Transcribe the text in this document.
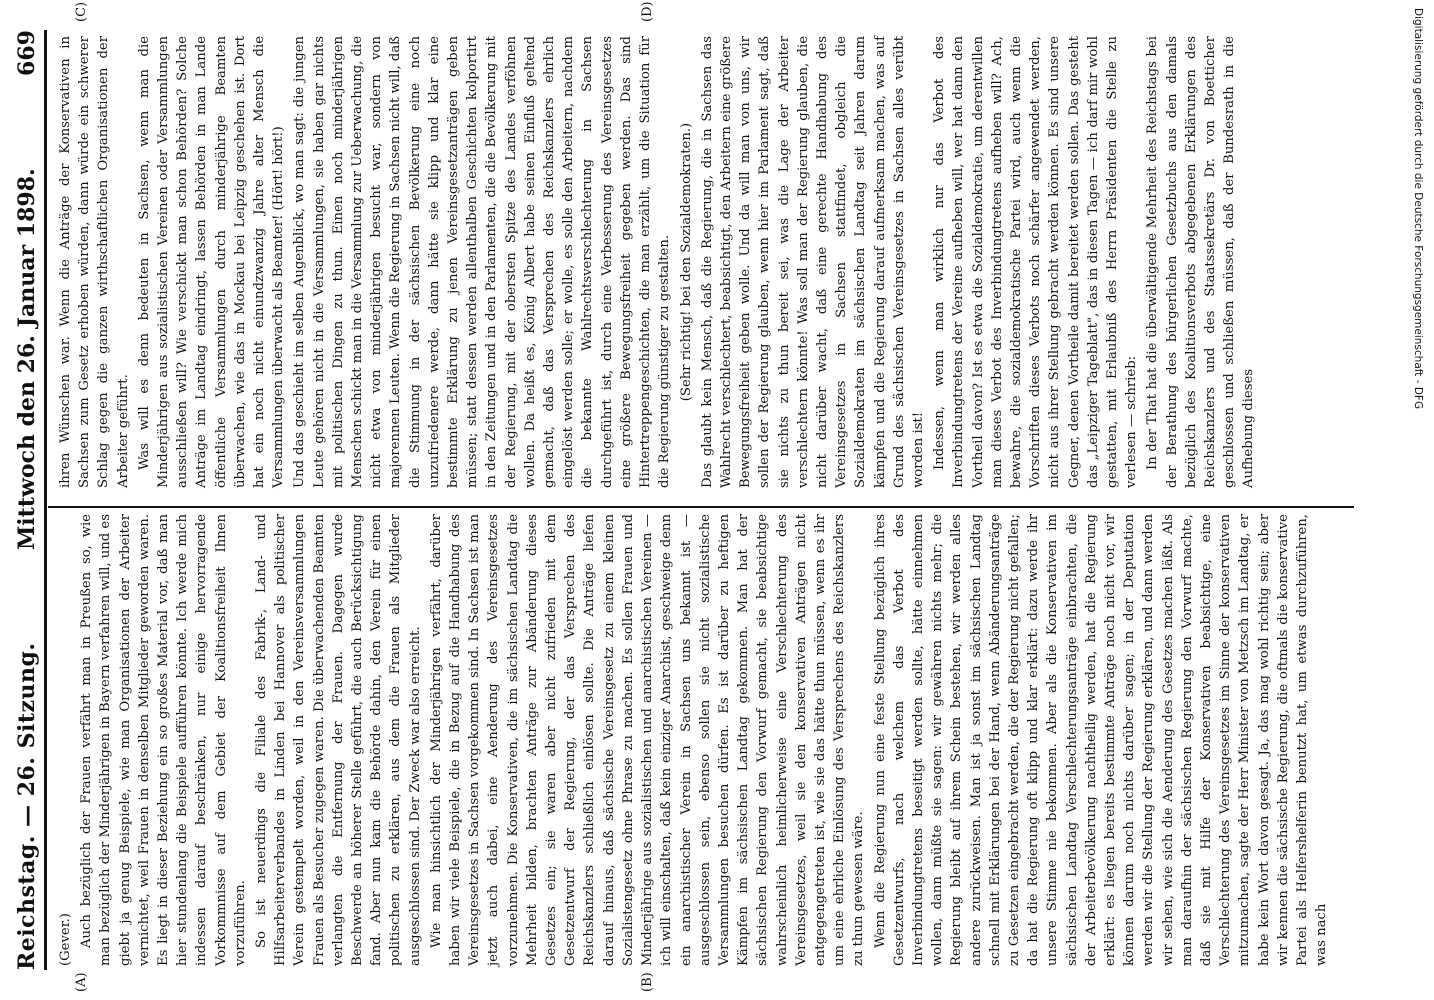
Reichstag. — 26. Sitzung.
Mittwoch den 26. Januar 1898.
669
(A)	(B)
(C)	(D)

(Gever.) Auch bezüglich der Frauen verfährt man in Preußen so, wie man bezüglich der Minderjährigen in Bayern verfahren will, und es giebt ja genug Beispiele, wie man Organisationen der Arbeiter vernichtet, weil Frauen in denselben Mitglieder geworden waren. Es liegt in dieser Beziehung ein so großes Material vor, daß man hier stundenlang die Beispiele aufführen könnte. Ich werde mich indessen darauf beschränken, nur einige hervorragende Vorkommnisse auf dem Gebiet der Koalitionsfreiheit Ihnen vorzuführen. So ist neuerdings die Filiale des Fabrik-, Land- und Hilfsarbeiterverbandes in Linden bei Hannover als politischer Verein gestempelt worden, weil in den Vereinsversammlungen Frauen als Besucher zugegen waren. Die überwachenden Beamten verlangten die Entfernung der Frauen. Dagegen wurde Beschwerde an höherer Stelle geführt, die auch Berücksichtigung fand. Aber nun kam die Behörde dahin, den Verein für einen politischen zu erklären, aus dem die Frauen als Mitglieder ausgeschlossen sind. Der Zweck war also erreicht. Wie man hinsichtlich der Minderjährigen verfährt, darüber haben wir viele Beispiele, die in Bezug auf die Handhabung des Vereinsgesetzes in Sachsen vorgekommen sind. In Sachsen ist man jetzt auch dabei, eine Aenderung des Vereinsgesetzes vorzunehmen. Die Konservativen, die im sächsischen Landtag die Mehrheit bilden, brachten Anträge zur Abänderung dieses Gesetzes ein; sie waren aber nicht zufrieden mit dem Gesetzentwurf der Regierung, der das Versprechen des Reichskanzlers schließlich einlösen sollte. Die Anträge liefen darauf hinaus, daß sächsische Vereinsgesetz zu einem kleinen Sozialistengesetz ohne Phrase zu machen. Es sollen Frauen und Minderjährige aus sozialistischen und anarchistischen Vereinen — ich will einschalten, daß kein einziger Anarchist, geschweige denn ein anarchistischer Verein in Sachsen uns bekannt ist — ausgeschlossen sein, ebenso sollen sie nicht sozialistische Versammlungen besuchen dürfen. Es ist darüber zu heftigen Kämpfen im sächsischen Landtag gekommen. Man hat der sächsischen Regierung den Vorwurf gemacht, sie beabsichtige wahrscheinlich heimlicherweise eine Verschlechterung des Vereinsgesetzes, weil sie den konservativen Anträgen nicht entgegengetreten ist, wie sie das hätte thun müssen, wenn es ihr um eine ehrliche Einlösung des Versprechens des Reichskanzlers zu thun gewesen wäre. Wenn die Regierung nun eine feste Stellung bezüglich ihres Gesetzentwurfs, nach welchem das Verbot des Inverbindungtretens beseitigt werden sollte, hätte einnehmen wollen, dann müßte sie sagen: wir gewähren nichts mehr; die Regierung bleibt auf ihrem Schein bestehen, wir werden alles andere zurückweisen. Man ist ja sonst im sächsischen Landtag schnell mit Erklärungen bei der Hand, wenn Abänderungsanträge zu Gesetzen eingebracht werden, die der Regierung nicht gefallen; da hat die Regierung oft klipp und klar erklärt: dazu werde ihr unsere Stimme nie bekommen. Aber als die Konservativen im sächsischen Landtag Verschlechterungsanträge einbrachten, die der Arbeiterbevölkerung nachtheilig werden, hat die Regierung erklärt: es liegen bereits bestimmte Anträge noch nicht vor, wir können darum noch nichts darüber sagen; in der Deputation werden wir die Stellung der Regierung erklären, und dann werden wir sehen, wie sich die Aenderung des Gesetzes machen läßt. Als man daraufhin der sächsischen Regierung den Vorwurf machte, daß sie mit Hilfe der Konservativen beabsichtige, eine Verschlechterung des Vereinsgesetzes im Sinne der konservativen mitzumachen, sagte der Herr Minister von Metzsch im Landtag, er habe kein Wort davon gesagt. Ja, das mag wohl richtig sein; aber wir kennen die sächsische Regierung, die oftmals die konservative Partei als Helfershelferin benutzt hat, um etwas durchzuführen, was nach

ihren Wünschen war. Wenn die Anträge der Konservativen in Sachsen zum Gesetz erhoben würden, dann würde ein schwerer Schlag gegen die ganzen wirthschaftlichen Organisationen der Arbeiter geführt. Was will es denn bedeuten in Sachsen, wenn man die Minderjährigen aus sozialistischen Vereinen oder Versammlungen ausschließen will? Wie verschickt man schon Behörden? Solche Anträge im Landtag eindringt, lassen Behörden in man Lande öffentliche Versammlungen durch minderjährige Beamten überwachen, wie das in Mockau bei Leipzig geschehen ist. Dort hat ein noch nicht einundzwanzig Jahre alter Mensch die Versammlungen überwacht als Beamter! (Hört! hört!) Und das geschieht im selben Augenblick, wo man sagt: die jungen Leute gehören nicht in die Versammlungen, sie haben gar nichts mit politischen Dingen zu thun. Einen noch minderjährigen Menschen schickt man in die Versammlung zur Ueberwachung, die nicht etwa von minderjährigen besucht war, sondern von majorennen Leuten. Wenn die Regierung in Sachsen nicht will, daß die Stimmung in der sächsischen Bevölkerung eine noch unzufriedenere werde, dann hätte sie klipp und klar eine bestimmte Erklärung zu jenen Vereinsgesetzanträgen geben müssen; statt dessen werden allenthalben Geschichten kolportirt in den Zeitungen und in den Parlamenten, die die Bevölkerung mit der Regierung, mit der obersten Spitze des Landes verföhnen wollen. Da heißt es, König Albert habe seinen Einfluß geltend gemacht, daß das Versprechen des Reichskanzlers ehrlich eingelöst werden solle; er wolle, es solle den Arbeitern, nachdem die bekannte Wahlrechtsverschlechterung in Sachsen durchgeführt ist, durch eine Verbesserung des Vereinsgesetzes eine größere Bewegungsfreiheit gegeben werden. Das sind Hintertreppengeschichten, die man erzählt, um die Situation für die Regierung günstiger zu gestalten. (Sehr richtig! bei den Sozialdemokraten.) Das glaubt kein Mensch, daß die Regierung, die in Sachsen das Wahlrecht verschlechtert, beabsichtigt, den Arbeitern eine größere Bewegungsfreiheit geben wolle. Und da will man von uns, wir sollen der Regierung glauben, wenn hier im Parlament sagt, daß sie nichts zu thun bereit sei, was die Lage der Arbeiter verschlechtern könnte! Was soll man der Regierung glauben, die nicht darüber wacht, daß eine gerechte Handhabung des Vereinsgesetzes in Sachsen stattfindet, obgleich die Sozialdemokraten im sächsischen Landtag seit Jahren darum kämpfen und die Regierung darauf aufmerksam machen, was auf Grund des sächsischen Vereinsgesetzes in Sachsen alles verübt worden ist! Indessen, wenn man wirklich nur das Verbot des Inverbindungtretens der Vereine aufheben will, wer hat dann den Vortheil davon? Ist es etwa die Sozialdemokratie, um derentwillen man dieses Verbot des Inverbindungtretens aufheben will? Ach, bewahre, die sozialdemokratische Partei wird, auch wenn die Vorschriften dieses Verbots noch schärfer angewendet werden, nicht aus ihrer Stellung gebracht werden können. Es sind unsere Gegner, denen Vortheile damit bereitet werden sollen. Das gesteht das „Leipziger Tageblatt", das in diesen Tagen — ich darf mir wohl gestatten, mit Erlaubniß des Herrn Präsidenten die Stelle zu verlesen — schrieb: In der That hat die überwältigende Mehrheit des Reichstags bei der Berathung des bürgerlichen Gesetzbuchs aus den damals bezüglich des Koalitionsverbots abgegebenen Erklärungen des Reichskanzlers und des Staatssekretärs Dr. von Boetticher geschlossen und schließen müssen, daß der Bundesrath in die Aufhebung dieses

Digitalisierung gefördert durch die Deutsche Forschungsgemeinschaft - DFG
